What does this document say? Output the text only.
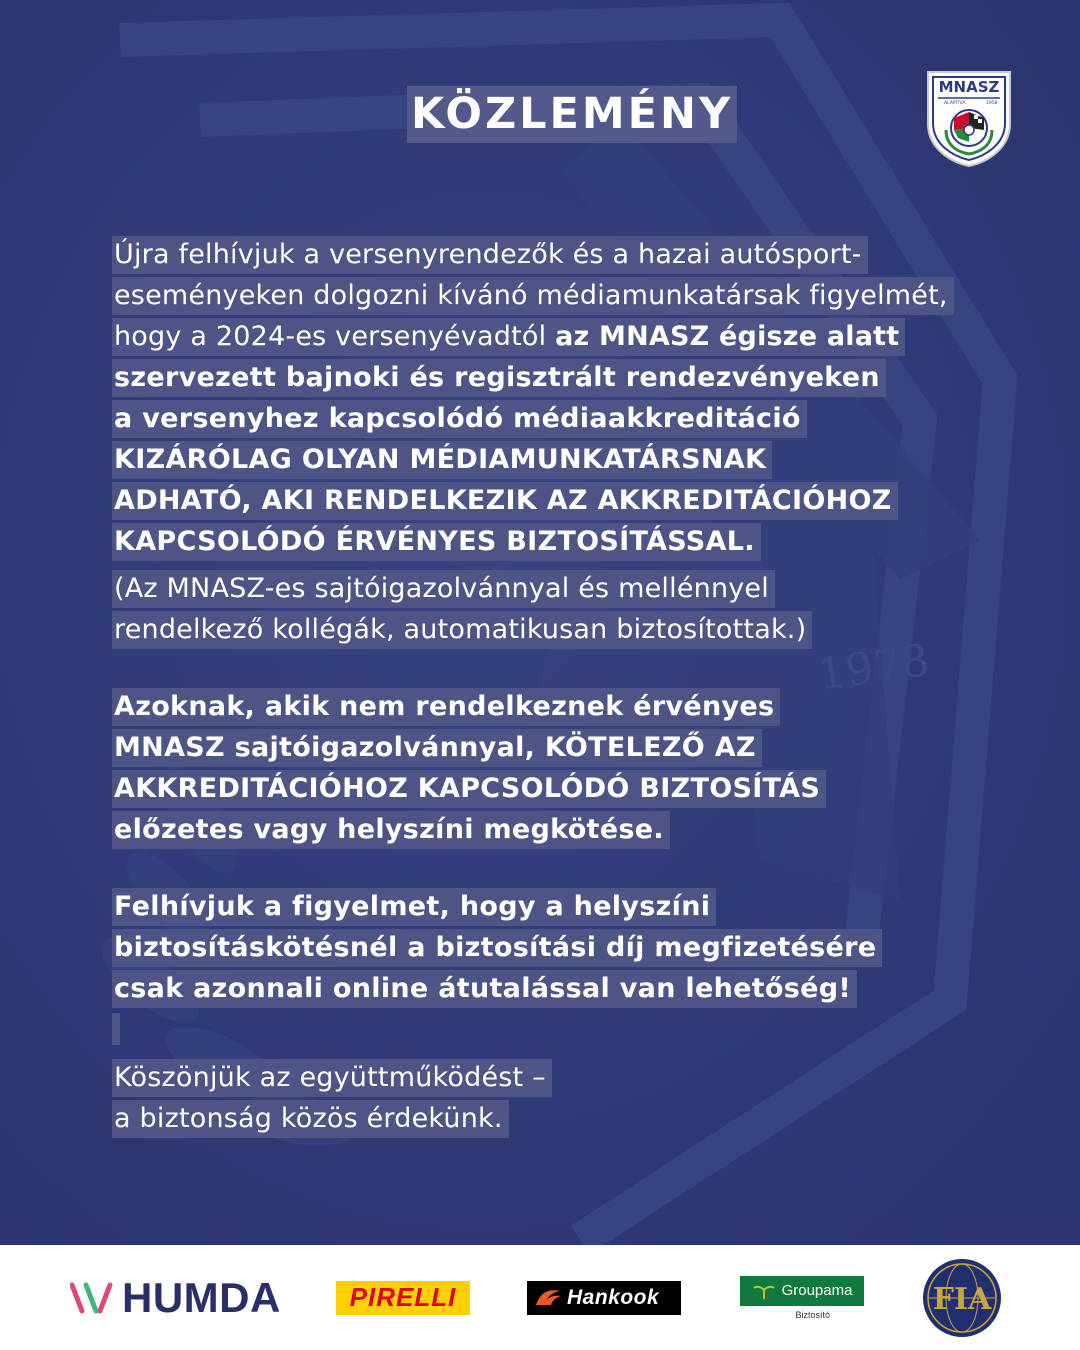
1978
KÖZLEMÉNY
MNASZ
ALAPÍTVA	1958
Újra felhívjuk a versenyrendezők és a hazai autósport-
eseményeken dolgozni kívánó médiamunkatársak figyelmét,
hogy a 2024-es versenyévadtól az MNASZ égisze alatt
szervezett bajnoki és regisztrált rendezvényeken
a versenyhez kapcsolódó médiaakkreditáció
KIZÁRÓLAG OLYAN MÉDIAMUNKATÁRSNAK
ADHATÓ, AKI RENDELKEZIK AZ AKKREDITÁCIÓHOZ
KAPCSOLÓDÓ ÉRVÉNYES BIZTOSÍTÁSSAL.

(Az MNASZ-es sajtóigazolvánnyal és mellénnyel
rendelkező kollégák, automatikusan biztosítottak.)

Azoknak, akik nem rendelkeznek érvényes
MNASZ sajtóigazolvánnyal, KÖTELEZŐ AZ
AKKREDITÁCIÓHOZ KAPCSOLÓDÓ BIZTOSÍTÁS
előzetes vagy helyszíni megkötése.

Felhívjuk a figyelmet, hogy a helyszíni
biztosításkötésnél a biztosítási díj megfizetésére
csak azonnali online átutalással van lehetőség!

Köszönjük az együttműködést –
a biztonság közös érdekünk.

HUMDA	PIRELLI	Hankook	Groupama
Biztosító	FIA
